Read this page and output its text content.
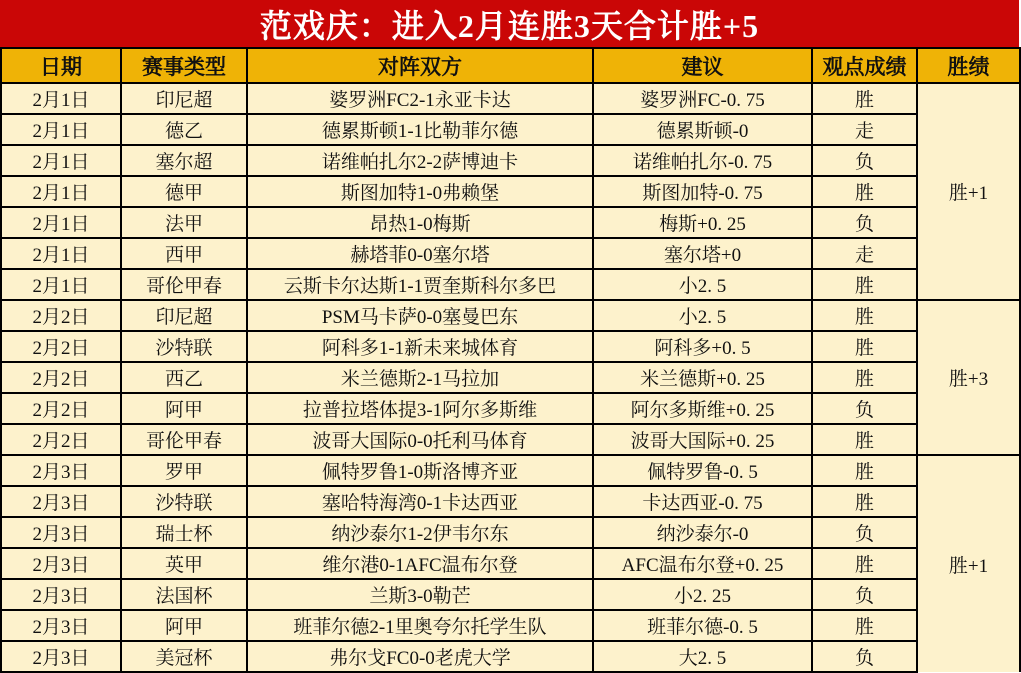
范戏庆：进入2月连胜3天合计胜+5
日期	赛事类型	对阵双方	建议	观点成绩	胜绩
2月1日	印尼超	婆罗洲FC2-1永亚卡达	婆罗洲FC-0. 75	胜	胜+1
2月1日	德乙	德累斯顿1-1比勒菲尔德	德累斯顿-0	走	
2月1日	塞尔超	诺维帕扎尔2-2萨博迪卡	诺维帕扎尔-0. 75	负	
2月1日	德甲	斯图加特1-0弗赖堡	斯图加特-0. 75	胜	
2月1日	法甲	昂热1-0梅斯	梅斯+0. 25	负	
2月1日	西甲	赫塔菲0-0塞尔塔	塞尔塔+0	走	
2月1日	哥伦甲春	云斯卡尔达斯1-1贾奎斯科尔多巴	小2. 5	胜	
2月2日	印尼超	PSM马卡萨0-0塞曼巴东	小2. 5	胜	胜+3
2月2日	沙特联	阿科多1-1新未来城体育	阿科多+0. 5	胜	
2月2日	西乙	米兰德斯2-1马拉加	米兰德斯+0. 25	胜	
2月2日	阿甲	拉普拉塔体提3-1阿尔多斯维	阿尔多斯维+0. 25	负	
2月2日	哥伦甲春	波哥大国际0-0托利马体育	波哥大国际+0. 25	胜	
2月3日	罗甲	佩特罗鲁1-0斯洛博齐亚	佩特罗鲁-0. 5	胜	胜+1
2月3日	沙特联	塞哈特海湾0-1卡达西亚	卡达西亚-0. 75	胜	
2月3日	瑞士杯	纳沙泰尔1-2伊韦尔东	纳沙泰尔-0	负	
2月3日	英甲	维尔港0-1AFC温布尔登	AFC温布尔登+0. 25	胜	
2月3日	法国杯	兰斯3-0勒芒	小2. 25	负	
2月3日	阿甲	班菲尔德2-1里奥夸尔托学生队	班菲尔德-0. 5	胜	
2月3日	美冠杯	弗尔戈FC0-0老虎大学	大2. 5	负	
